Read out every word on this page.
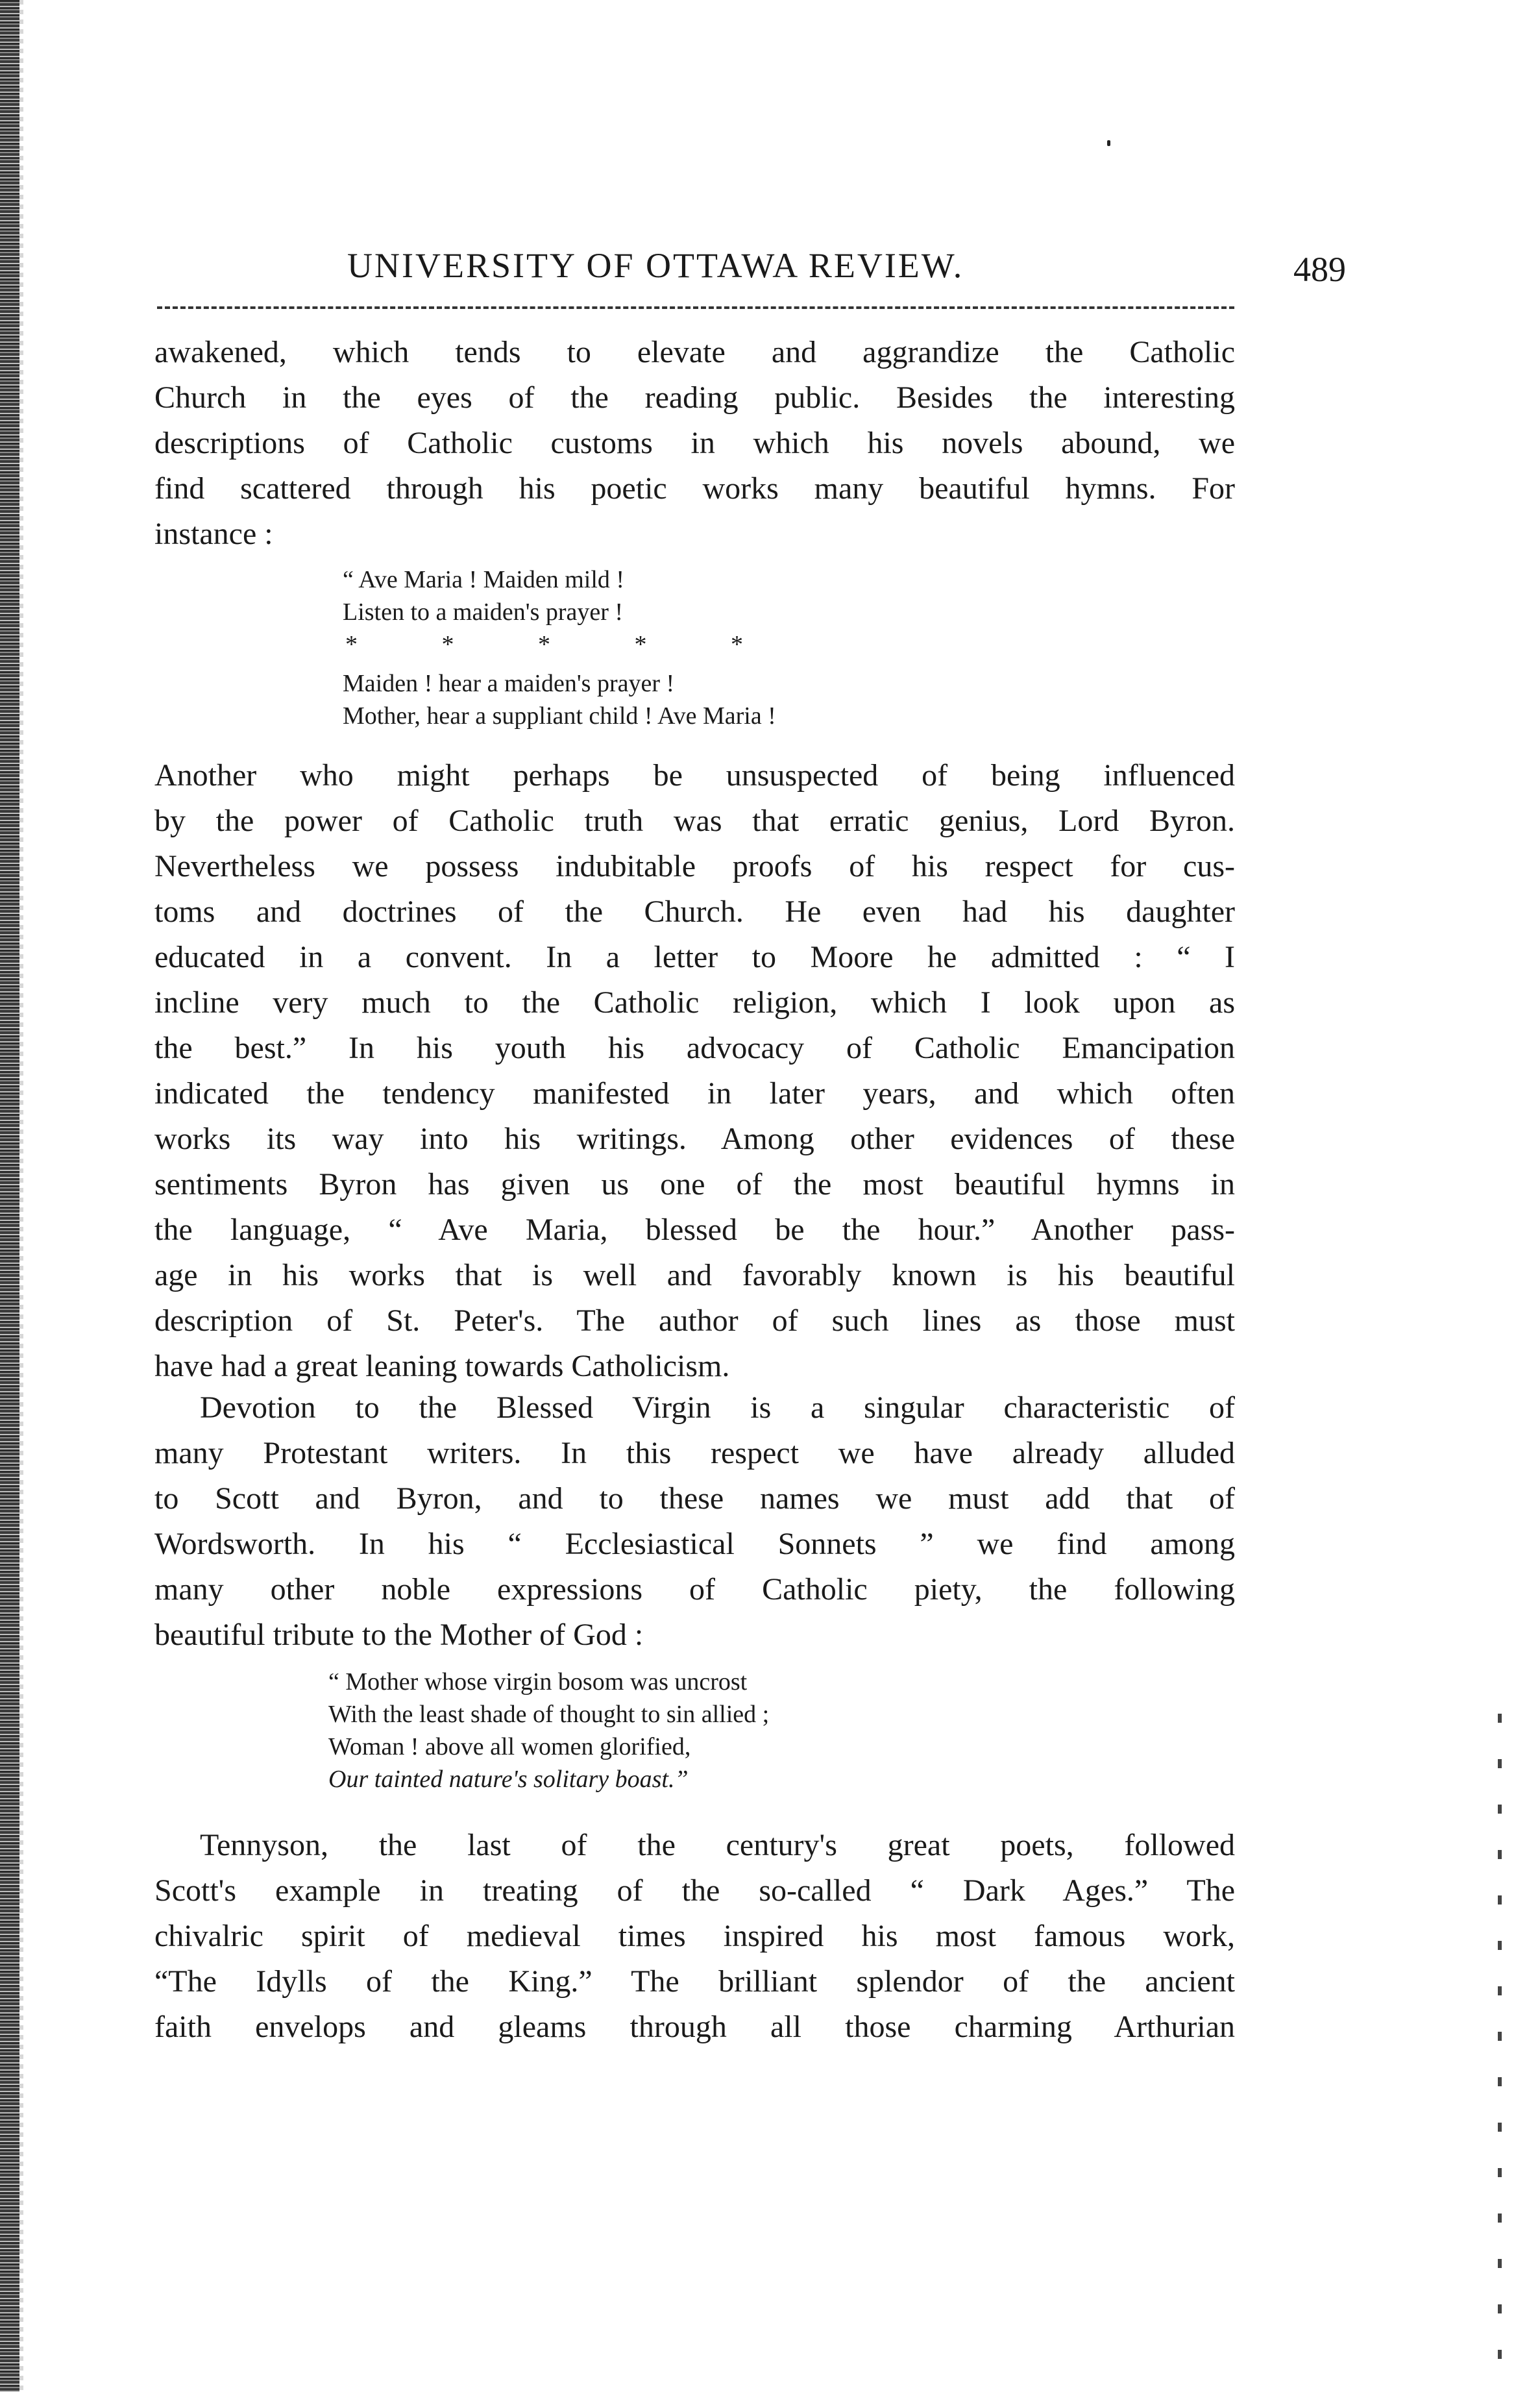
UNIVERSITY OF OTTAWA REVIEW.	489

awakened, which tends to elevate and aggrandize the Catholic
Church in the eyes of the reading public. Besides the interesting
descriptions of Catholic customs in which his novels abound, we
find scattered through his poetic works many beautiful hymns. For
instance :

“ Ave Maria ! Maiden mild !
Listen to a maiden's prayer !
* * * * *
Maiden ! hear a maiden's prayer !
Mother, hear a suppliant child ! Ave Maria !

Another who might perhaps be unsuspected of being influenced
by the power of Catholic truth was that erratic genius, Lord Byron.
Nevertheless we possess indubitable proofs of his respect for cus-
toms and doctrines of the Church. He even had his daughter
educated in a convent. In a letter to Moore he admitted : “ I
incline very much to the Catholic religion, which I look upon as
the best.” In his youth his advocacy of Catholic Emancipation
indicated the tendency manifested in later years, and which often
works its way into his writings. Among other evidences of these
sentiments Byron has given us one of the most beautiful hymns in
the language, “ Ave Maria, blessed be the hour.” Another pass-
age in his works that is well and favorably known is his beautiful
description of St. Peter's. The author of such lines as those must
have had a great leaning towards Catholicism.

Devotion to the Blessed Virgin is a singular characteristic of
many Protestant writers. In this respect we have already alluded
to Scott and Byron, and to these names we must add that of
Wordsworth. In his “ Ecclesiastical Sonnets ” we find among
many other noble expressions of Catholic piety, the following
beautiful tribute to the Mother of God :

“ Mother whose virgin bosom was uncrost
With the least shade of thought to sin allied ;
Woman ! above all women glorified,
Our tainted nature's solitary boast.”

Tennyson, the last of the century's great poets, followed
Scott's example in treating of the so-called “ Dark Ages.” The
chivalric spirit of medieval times inspired his most famous work,
“The Idylls of the King.” The brilliant splendor of the ancient
faith envelops and gleams through all those charming Arthurian
